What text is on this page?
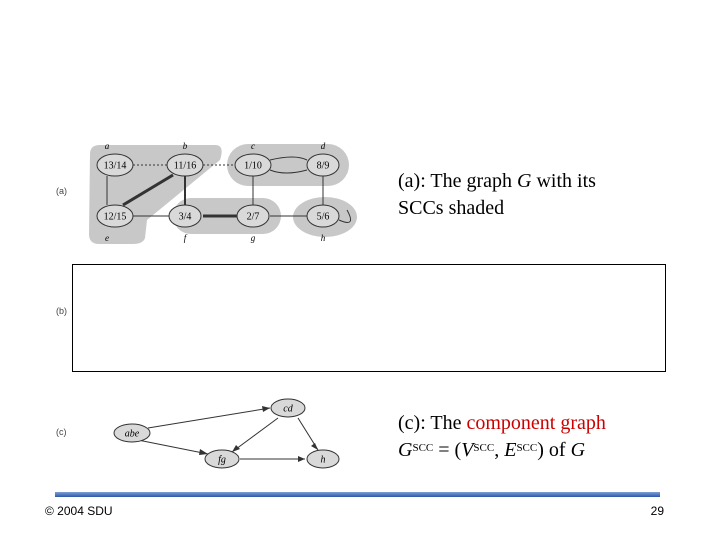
(a)
a	b	c	d
e	f	g	h
13/14	11/16	1/10	8/9
12/15	3/4	2/7	5/6
(a): The graph G with its
SCCs shaded
(b)
(c)	abe
cd
fg	h
(c): The component graph
$G^{SCC} = (V^{SCC}$, $E^{SCC}$) of G
© 2004 SDU	29
